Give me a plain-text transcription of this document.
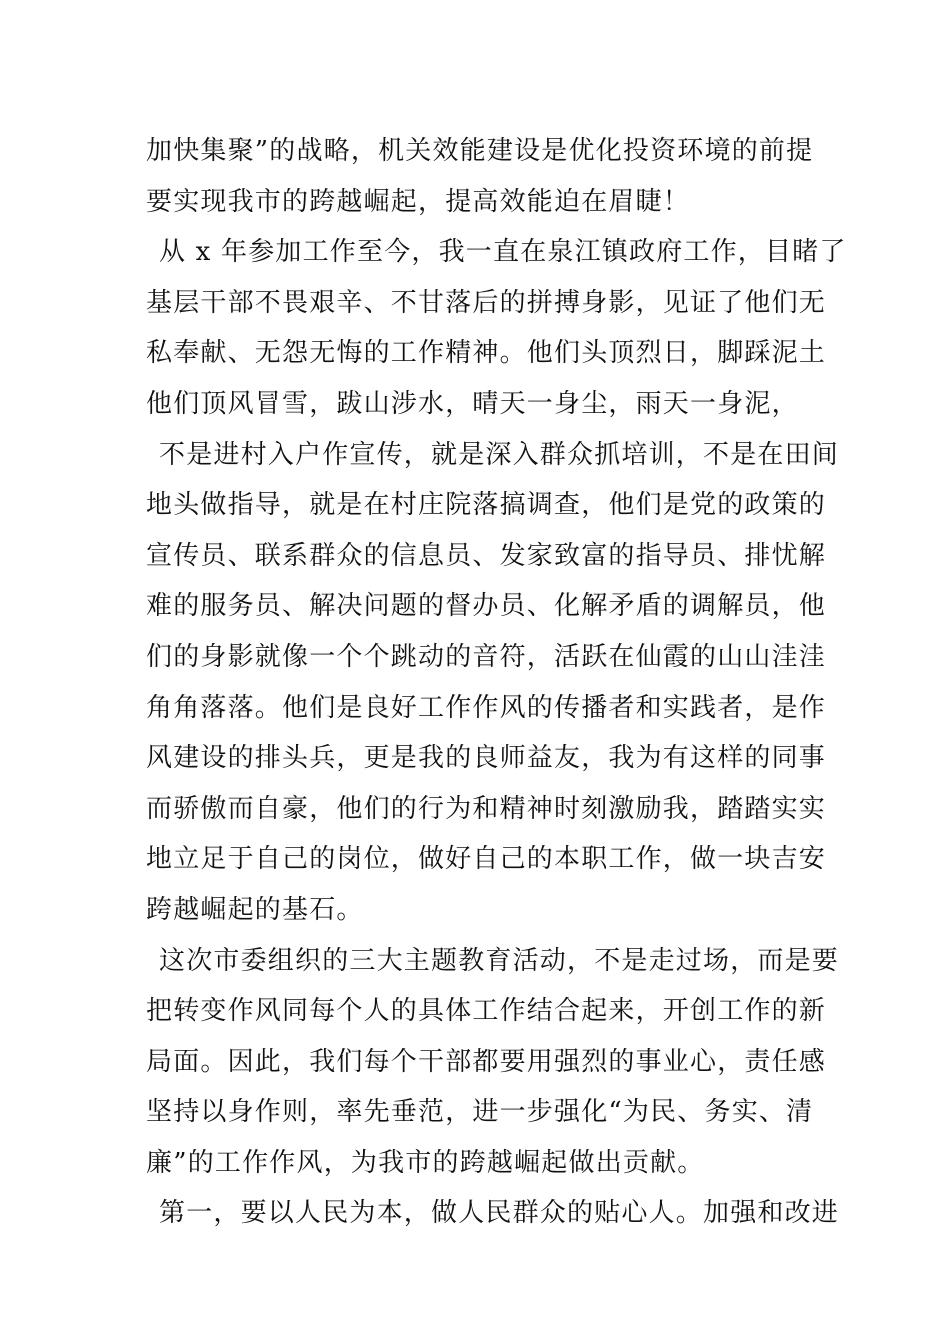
加快集聚”的战略，机关效能建设是优化投资环境的前提
要实现我市的跨越崛起，提高效能迫在眉睫！
从 x 年参加工作至今，我一直在泉江镇政府工作，目睹了
基层干部不畏艰辛、不甘落后的拼搏身影，见证了他们无
私奉献、无怨无悔的工作精神。他们头顶烈日，脚踩泥土
他们顶风冒雪，跋山涉水，晴天一身尘，雨天一身泥，
不是进村入户作宣传，就是深入群众抓培训，不是在田间
地头做指导，就是在村庄院落搞调查，他们是党的政策的
宣传员、联系群众的信息员、发家致富的指导员、排忧解
难的服务员、解决问题的督办员、化解矛盾的调解员，他
们的身影就像一个个跳动的音符，活跃在仙霞的山山洼洼
角角落落。他们是良好工作作风的传播者和实践者，是作
风建设的排头兵，更是我的良师益友，我为有这样的同事
而骄傲而自豪，他们的行为和精神时刻激励我，踏踏实实
地立足于自己的岗位，做好自己的本职工作，做一块吉安
跨越崛起的基石。
这次市委组织的三大主题教育活动，不是走过场，而是要
把转变作风同每个人的具体工作结合起来，开创工作的新
局面。因此，我们每个干部都要用强烈的事业心，责任感
坚持以身作则，率先垂范，进一步强化“为民、务实、清
廉”的工作作风，为我市的跨越崛起做出贡献。
第一，要以人民为本，做人民群众的贴心人。加强和改进
